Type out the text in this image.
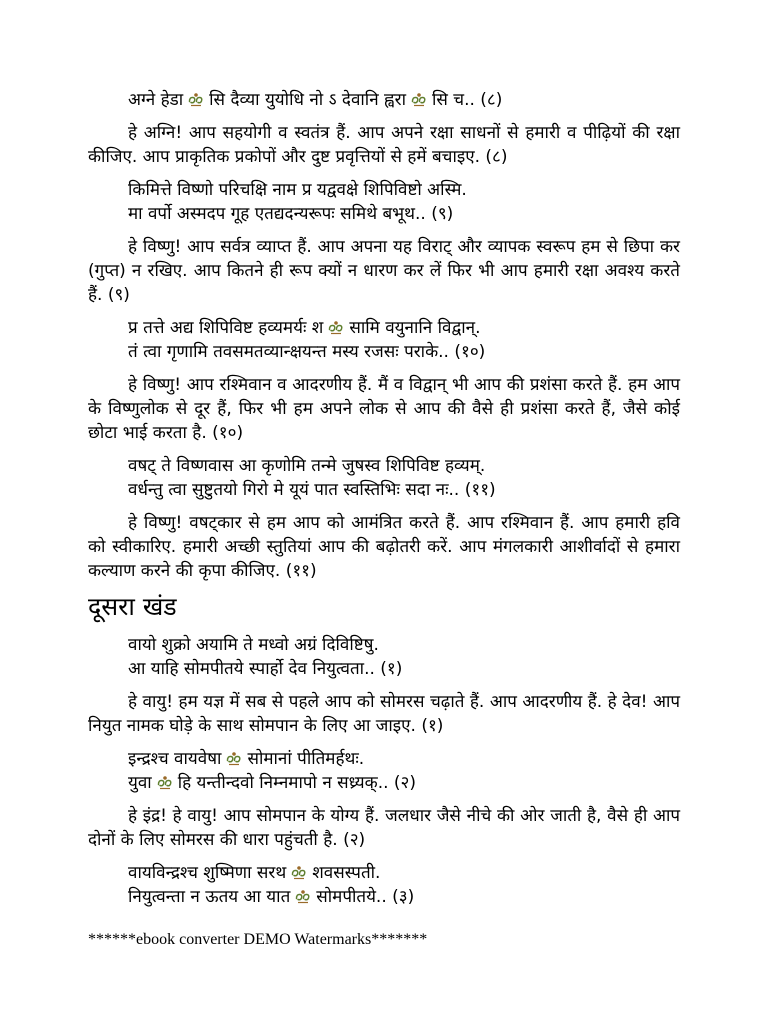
अग्ने हेडा सि दैव्या युयोधि नो ऽ देवानि ह्वरा सि च.. (८)

हे अग्नि! आप सहयोगी व स्वतंत्र हैं. आप अपने रक्षा साधनों से हमारी व पीढ़ियों की रक्षा कीजिए. आप प्राकृतिक प्रकोपों और दुष्ट प्रवृत्तियों से हमें बचाइए. (८)

किमित्ते विष्णो परिचक्षि नाम प्र यद्ववक्षे शिपिविष्टो अस्मि.
मा वर्पो अस्मदप गूह एतद्यदन्यरूपः समिथे बभूथ.. (९)

हे विष्णु! आप सर्वत्र व्याप्त हैं. आप अपना यह विराट् और व्यापक स्वरूप हम से छिपा कर (गुप्त) न रखिए. आप कितने ही रूप क्यों न धारण कर लें फिर भी आप हमारी रक्षा अवश्य करते हैं. (९)

प्र तत्ते अद्य शिपिविष्ट हव्यमर्यः श सामि वयुनानि विद्वान्.
तं त्वा गृणामि तवसमतव्यान्क्षयन्त मस्य रजसः पराके.. (१०)

हे विष्णु! आप रश्मिवान व आदरणीय हैं. मैं व विद्वान् भी आप की प्रशंसा करते हैं. हम आप के विष्णुलोक से दूर हैं, फिर भी हम अपने लोक से आप की वैसे ही प्रशंसा करते हैं, जैसे कोई छोटा भाई करता है. (१०)

वषट् ते विष्णवास आ कृणोमि तन्मे जुषस्व शिपिविष्ट हव्यम्.
वर्धन्तु त्वा सुष्टुतयो गिरो मे यूयं पात स्वस्तिभिः सदा नः.. (११)

हे विष्णु! वषट्कार से हम आप को आमंत्रित करते हैं. आप रश्मिवान हैं. आप हमारी हवि को स्वीकारिए. हमारी अच्छी स्तुतियां आप की बढ़ोतरी करें. आप मंगलकारी आशीर्वादों से हमारा कल्याण करने की कृपा कीजिए. (११)

दूसरा खंड
वायो शुक्रो अयामि ते मध्वो अग्रं दिविष्टिषु.
आ याहि सोमपीतये स्पार्हो देव नियुत्वता.. (१)

हे वायु! हम यज्ञ में सब से पहले आप को सोमरस चढ़ाते हैं. आप आदरणीय हैं. हे देव! आप नियुत नामक घोड़े के साथ सोमपान के लिए आ जाइए. (१)

इन्द्रश्च वायवेषा सोमानां पीतिमर्हथः.
युवा हि यन्तीन्दवो निम्नमापो न सध्र्यक्.. (२)

हे इंद्र! हे वायु! आप सोमपान के योग्य हैं. जलधार जैसे नीचे की ओर जाती है, वैसे ही आप दोनों के लिए सोमरस की धारा पहुंचती है. (२)

वायविन्द्रश्च शुष्मिणा सरथ शवसस्पती.
नियुत्वन्ता न ऊतय आ यात सोमपीतये.. (३)
******ebook converter DEMO Watermarks*******
